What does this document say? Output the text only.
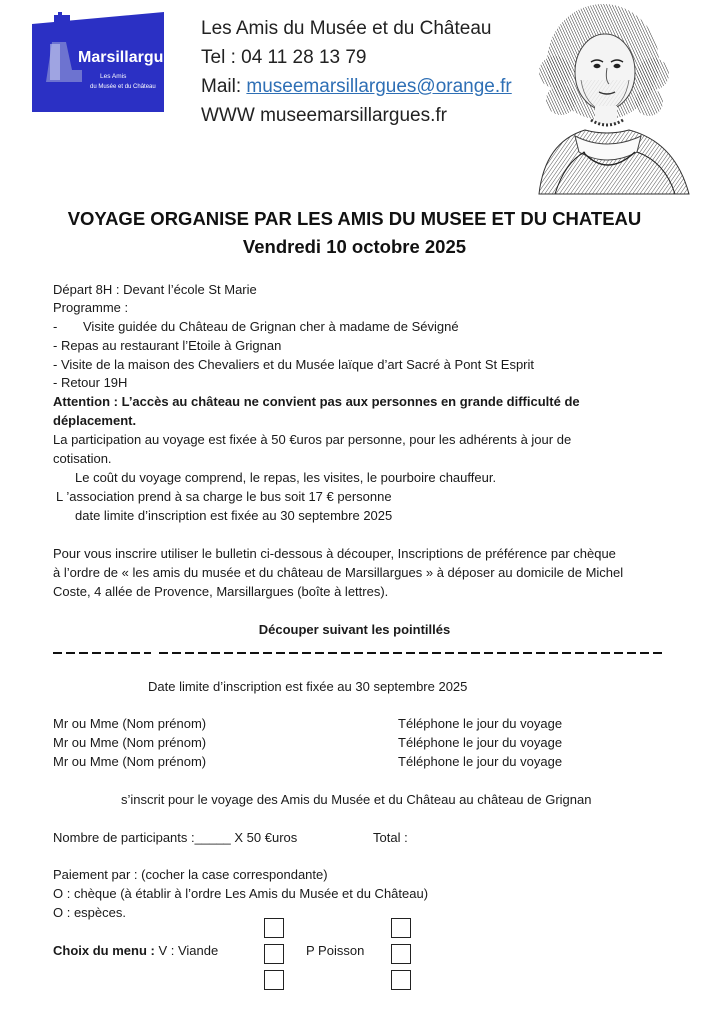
Marsillargues
Les Amis
du Musée et du Château
Les Amis du Musée et du Château
Tel : 04 11 28 13 79
Mail: museemarsillargues@orange.fr
WWW museemarsillargues.fr
VOYAGE ORGANISE PAR LES AMIS DU MUSEE ET DU CHATEAU
Vendredi 10 octobre 2025
Départ 8H : Devant l’école St Marie
Programme :
- Visite guidée du Château de Grignan cher à madame de Sévigné
- Repas au restaurant l’Etoile à Grignan
- Visite de la maison des Chevaliers et du Musée laïque d’art Sacré à Pont St Esprit
- Retour 19H
Attention : L’accès au château ne convient pas aux personnes en grande difficulté de
déplacement.
La participation au voyage est fixée à 50 €uros par personne, pour les adhérents à jour de
cotisation.
Le coût du voyage comprend, le repas, les visites, le pourboire chauffeur.
L ’association prend à sa charge le bus soit 17 € personne
date limite d’inscription est fixée au 30 septembre 2025
Pour vous inscrire utiliser le bulletin ci-dessous à découper, Inscriptions de préférence par chèque
à l’ordre de « les amis du musée et du château de Marsillargues » à déposer au domicile de Michel
Coste, 4 allée de Provence, Marsillargues (boîte à lettres).
Découper suivant les pointillés
Date limite d’inscription est fixée au 30 septembre 2025
Mr ou Mme (Nom prénom)	Téléphone le jour du voyage
Mr ou Mme (Nom prénom)	Téléphone le jour du voyage
Mr ou Mme (Nom prénom)	Téléphone le jour du voyage
s’inscrit pour le voyage des Amis du Musée et du Château au château de Grignan
Nombre de participants :_____ X 50 €uros	Total :
Paiement par : (cocher la case correspondante)
O : chèque (à établir à l’ordre Les Amis du Musée et du Château)
O : espèces.
Choix du menu : V : Viande	P Poisson
